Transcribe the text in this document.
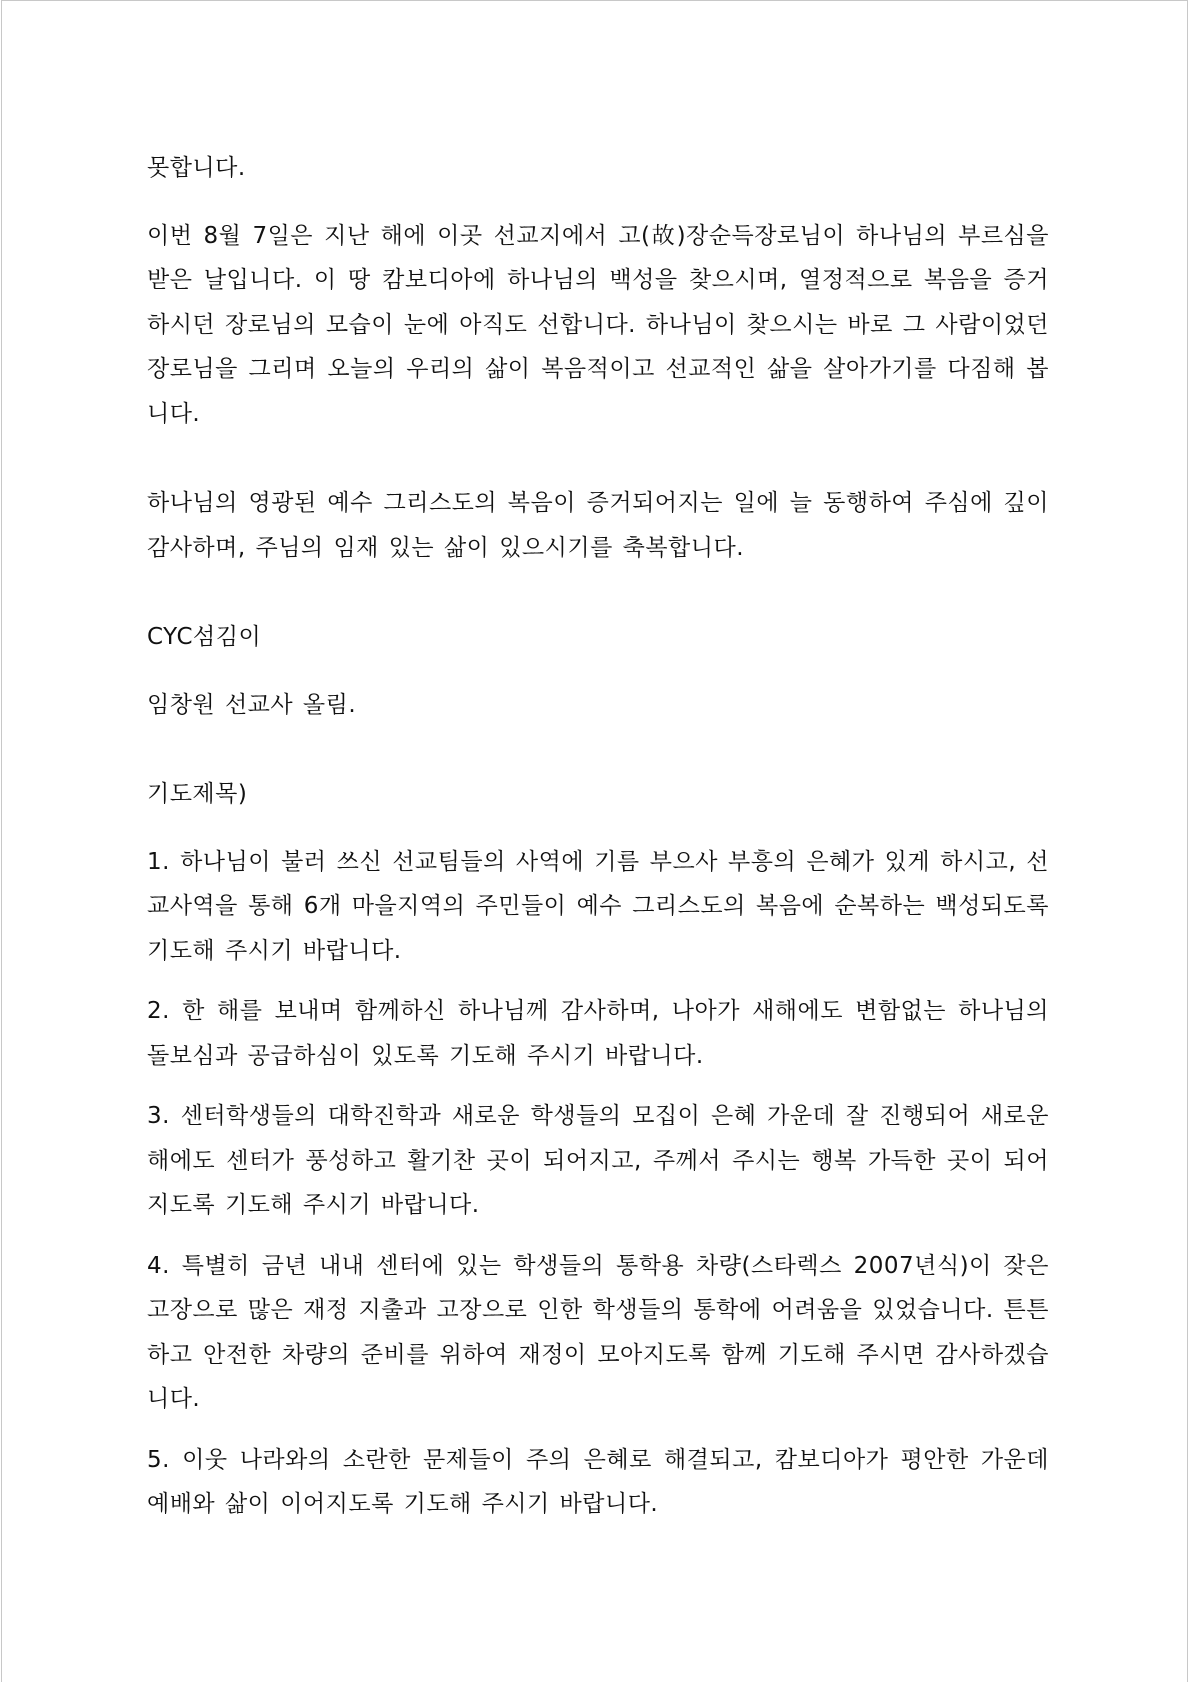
못합니다.

이번 8월 7일은 지난 해에 이곳 선교지에서 고(故)장순득장로님이 하나님의 부르심을 받은 날입니다. 이 땅 캄보디아에 하나님의 백성을 찾으시며, 열정적으로 복음을 증거하시던 장로님의 모습이 눈에 아직도 선합니다. 하나님이 찾으시는 바로 그 사람이었던 장로님을 그리며 오늘의 우리의 삶이 복음적이고 선교적인 삶을 살아가기를 다짐해 봅니다.

하나님의 영광된 예수 그리스도의 복음이 증거되어지는 일에 늘 동행하여 주심에 깊이 감사하며, 주님의 임재 있는 삶이 있으시기를 축복합니다.

CYC섬김이

임창원 선교사 올림.

기도제목)

1. 하나님이 불러 쓰신 선교팀들의 사역에 기름 부으사 부흥의 은혜가 있게 하시고, 선교사역을 통해 6개 마을지역의 주민들이 예수 그리스도의 복음에 순복하는 백성되도록 기도해 주시기 바랍니다.

2. 한 해를 보내며 함께하신 하나님께 감사하며, 나아가 새해에도 변함없는 하나님의 돌보심과 공급하심이 있도록 기도해 주시기 바랍니다.

3. 센터학생들의 대학진학과 새로운 학생들의 모집이 은혜 가운데 잘 진행되어 새로운 해에도 센터가 풍성하고 활기찬 곳이 되어지고, 주께서 주시는 행복 가득한 곳이 되어지도록 기도해 주시기 바랍니다.

4. 특별히 금년 내내 센터에 있는 학생들의 통학용 차량(스타렉스 2007년식)이 잦은 고장으로 많은 재정 지출과 고장으로 인한 학생들의 통학에 어려움을 있었습니다. 튼튼하고 안전한 차량의 준비를 위하여 재정이 모아지도록 함께 기도해 주시면 감사하겠습니다.

5. 이웃 나라와의 소란한 문제들이 주의 은혜로 해결되고, 캄보디아가 평안한 가운데 예배와 삶이 이어지도록 기도해 주시기 바랍니다.
